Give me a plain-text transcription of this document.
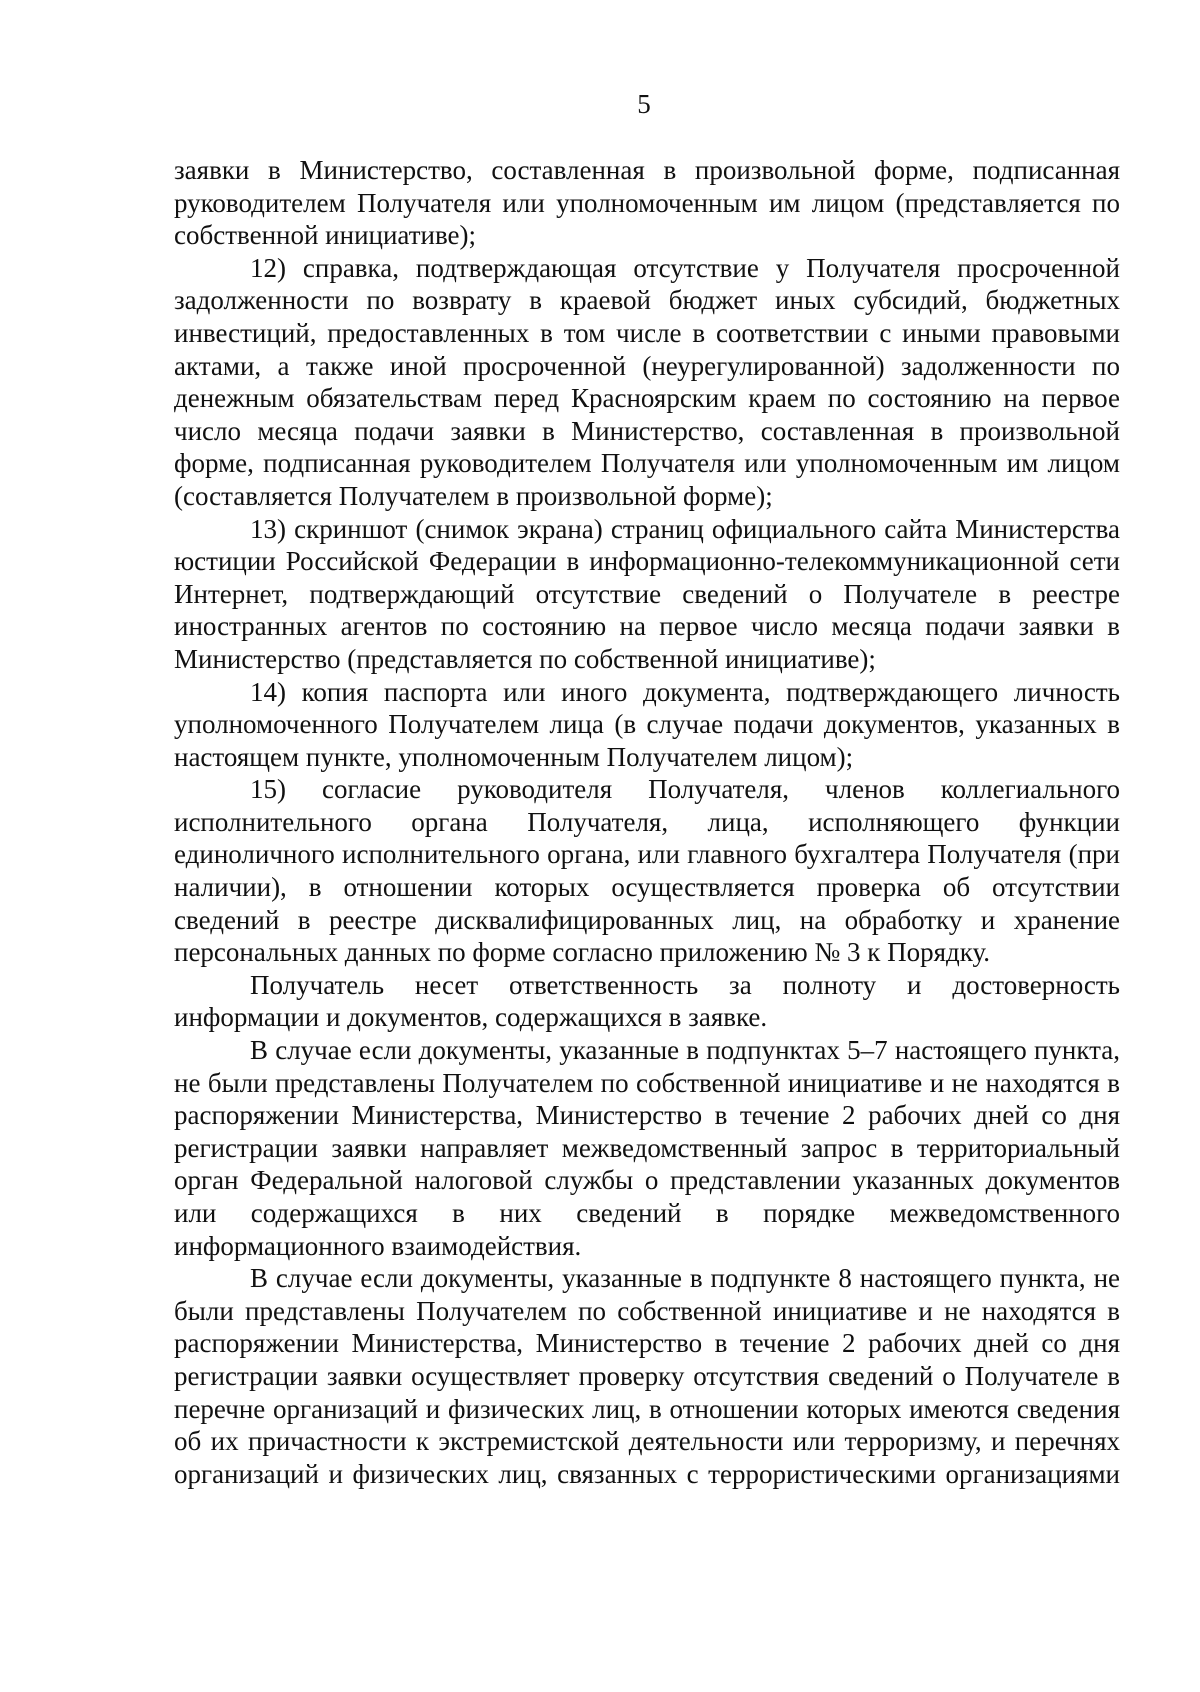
5

заявки в Министерство, составленная в произвольной форме, подписанная руководителем Получателя или уполномоченным им лицом (представляется по собственной инициативе);

12) справка, подтверждающая отсутствие у Получателя просроченной задолженности по возврату в краевой бюджет иных субсидий, бюджетных инвестиций, предоставленных в том числе в соответствии с иными правовыми актами, а также иной просроченной (неурегулированной) задолженности по денежным обязательствам перед Красноярским краем по состоянию на первое число месяца подачи заявки в Министерство, составленная в произвольной форме, подписанная руководителем Получателя или уполномоченным им лицом (составляется Получателем в произвольной форме);

13) скриншот (снимок экрана) страниц официального сайта Министерства юстиции Российской Федерации в информационно-телекоммуникационной сети Интернет, подтверждающий отсутствие сведений о Получателе в реестре иностранных агентов по состоянию на первое число месяца подачи заявки в Министерство (представляется по собственной инициативе);

14) копия паспорта или иного документа, подтверждающего личность уполномоченного Получателем лица (в случае подачи документов, указанных в настоящем пункте, уполномоченным Получателем лицом);

15) согласие руководителя Получателя, членов коллегиального исполнительного органа Получателя, лица, исполняющего функции единоличного исполнительного органа, или главного бухгалтера Получателя (при наличии), в отношении которых осуществляется проверка об отсутствии сведений в реестре дисквалифицированных лиц, на обработку и хранение персональных данных по форме согласно приложению № 3 к Порядку.

Получатель несет ответственность за полноту и достоверность информации и документов, содержащихся в заявке.

В случае если документы, указанные в подпунктах 5–7 настоящего пункта, не были представлены Получателем по собственной инициативе и не находятся в распоряжении Министерства, Министерство в течение 2 рабочих дней со дня регистрации заявки направляет межведомственный запрос в территориальный орган Федеральной налоговой службы о представлении указанных документов или содержащихся в них сведений в порядке межведомственного информационного взаимодействия.

В случае если документы, указанные в подпункте 8 настоящего пункта, не были представлены Получателем по собственной инициативе и не находятся в распоряжении Министерства, Министерство в течение 2 рабочих дней со дня регистрации заявки осуществляет проверку отсутствия сведений о Получателе в перечне организаций и физических лиц, в отношении которых имеются сведения об их причастности к экстремистской деятельности или терроризму, и перечнях организаций и физических лиц, связанных с террористическими организациями
